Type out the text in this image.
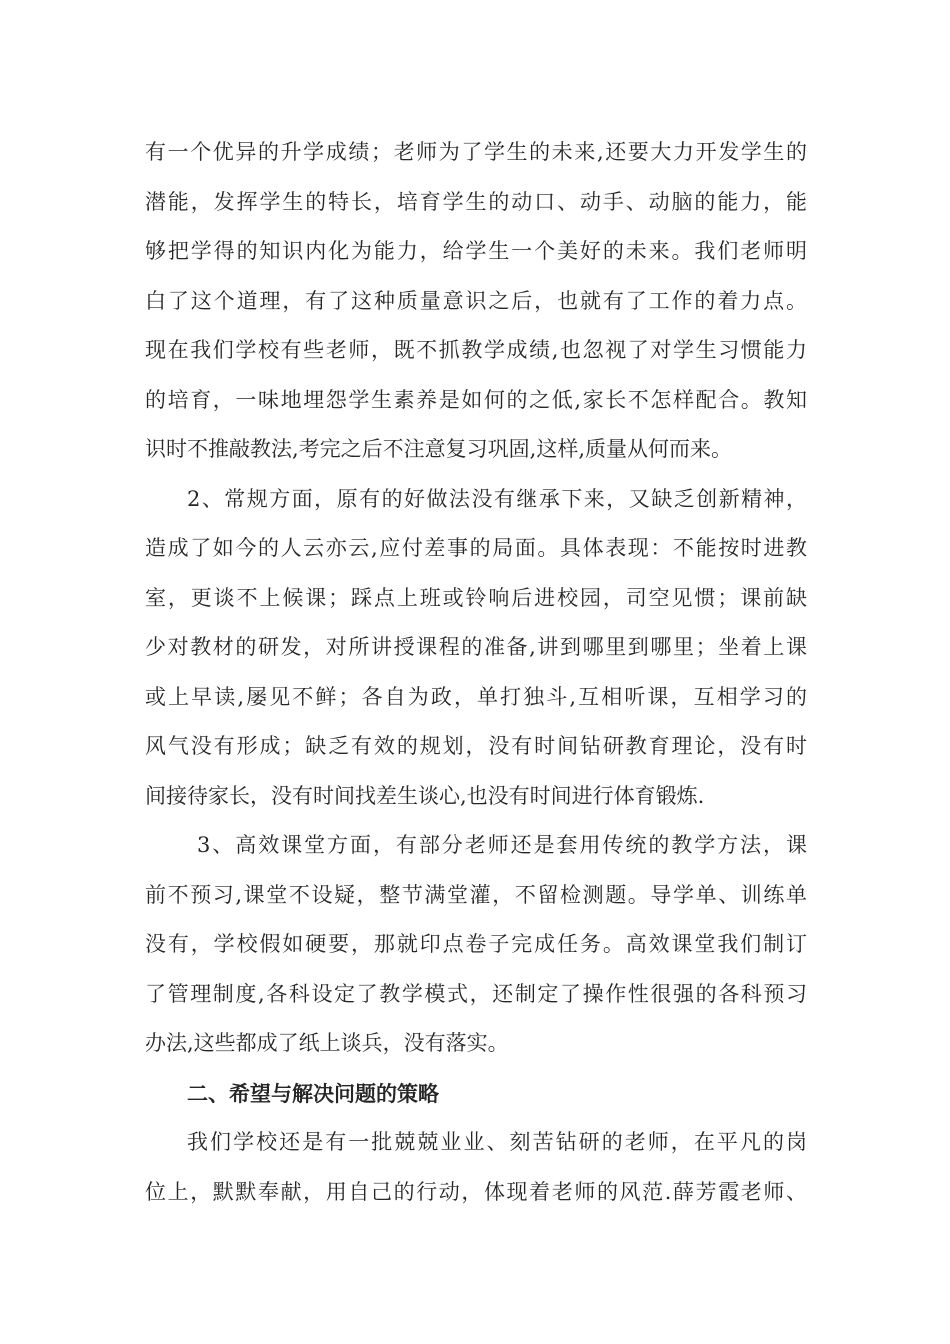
有一个优异的升学成绩；老师为了学生的未来,还要大力开发学生的
潜能，发挥学生的特长，培育学生的动口、动手、动脑的能力，能
够把学得的知识内化为能力，给学生一个美好的未来。我们老师明
白了这个道理，有了这种质量意识之后，也就有了工作的着力点。
现在我们学校有些老师，既不抓教学成绩,也忽视了对学生习惯能力
的培育，一味地埋怨学生素养是如何的之低,家长不怎样配合。教知
识时不推敲教法,考完之后不注意复习巩固,这样,质量从何而来。
2、常规方面，原有的好做法没有继承下来，又缺乏创新精神，
造成了如今的人云亦云,应付差事的局面。具体表现：不能按时进教
室，更谈不上候课；踩点上班或铃响后进校园，司空见惯；课前缺
少对教材的研发，对所讲授课程的准备,讲到哪里到哪里；坐着上课
或上早读,屡见不鲜；各自为政，单打独斗,互相听课，互相学习的
风气没有形成；缺乏有效的规划，没有时间钻研教育理论，没有时
间接待家长，没有时间找差生谈心,也没有时间进行体育锻炼.
3、高效课堂方面，有部分老师还是套用传统的教学方法，课
前不预习,课堂不设疑，整节满堂灌，不留检测题。导学单、训练单
没有，学校假如硬要，那就印点卷子完成任务。高效课堂我们制订
了管理制度,各科设定了教学模式，还制定了操作性很强的各科预习
办法,这些都成了纸上谈兵，没有落实。
二、希望与解决问题的策略
我们学校还是有一批兢兢业业、刻苦钻研的老师，在平凡的岗
位上，默默奉献，用自己的行动，体现着老师的风范.薛芳霞老师、
